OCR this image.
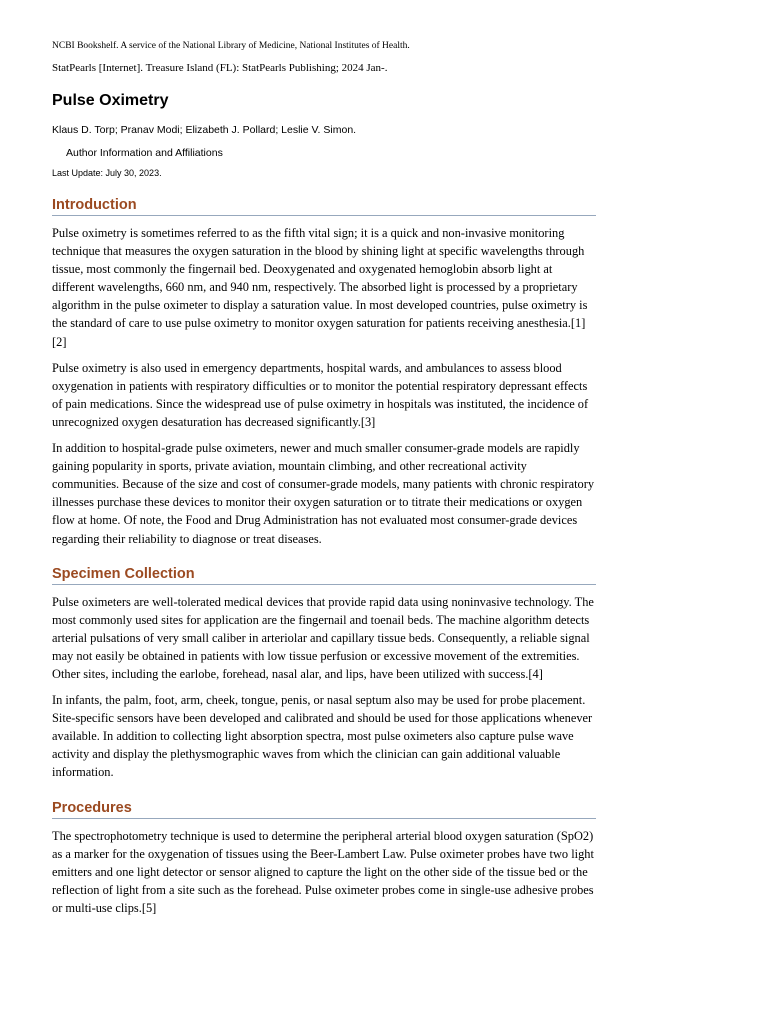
NCBI Bookshelf. A service of the National Library of Medicine, National Institutes of Health.

StatPearls [Internet]. Treasure Island (FL): StatPearls Publishing; 2024 Jan-.

Pulse Oximetry

Klaus D. Torp; Pranav Modi; Elizabeth J. Pollard; Leslie V. Simon.

Author Information and Affiliations

Last Update: July 30, 2023.

Introduction

Pulse oximetry is sometimes referred to as the fifth vital sign; it is a quick and non-invasive monitoring technique that measures the oxygen saturation in the blood by shining light at specific wavelengths through tissue, most commonly the fingernail bed. Deoxygenated and oxygenated hemoglobin absorb light at different wavelengths, 660 nm, and 940 nm, respectively. The absorbed light is processed by a proprietary algorithm in the pulse oximeter to display a saturation value. In most developed countries, pulse oximetry is the standard of care to use pulse oximetry to monitor oxygen saturation for patients receiving anesthesia.[1][2]

Pulse oximetry is also used in emergency departments, hospital wards, and ambulances to assess blood oxygenation in patients with respiratory difficulties or to monitor the potential respiratory depressant effects of pain medications. Since the widespread use of pulse oximetry in hospitals was instituted, the incidence of unrecognized oxygen desaturation has decreased significantly.[3]

In addition to hospital-grade pulse oximeters, newer and much smaller consumer-grade models are rapidly gaining popularity in sports, private aviation, mountain climbing, and other recreational activity communities. Because of the size and cost of consumer-grade models, many patients with chronic respiratory illnesses purchase these devices to monitor their oxygen saturation or to titrate their medications or oxygen flow at home. Of note, the Food and Drug Administration has not evaluated most consumer-grade devices regarding their reliability to diagnose or treat diseases.

Specimen Collection

Pulse oximeters are well-tolerated medical devices that provide rapid data using noninvasive technology. The most commonly used sites for application are the fingernail and toenail beds. The machine algorithm detects arterial pulsations of very small caliber in arteriolar and capillary tissue beds. Consequently, a reliable signal may not easily be obtained in patients with low tissue perfusion or excessive movement of the extremities. Other sites, including the earlobe, forehead, nasal alar, and lips, have been utilized with success.[4]

In infants, the palm, foot, arm, cheek, tongue, penis, or nasal septum also may be used for probe placement. Site-specific sensors have been developed and calibrated and should be used for those applications whenever available. In addition to collecting light absorption spectra, most pulse oximeters also capture pulse wave activity and display the plethysmographic waves from which the clinician can gain additional valuable information.

Procedures

The spectrophotometry technique is used to determine the peripheral arterial blood oxygen saturation (SpO2) as a marker for the oxygenation of tissues using the Beer-Lambert Law. Pulse oximeter probes have two light emitters and one light detector or sensor aligned to capture the light on the other side of the tissue bed or the reflection of light from a site such as the forehead. Pulse oximeter probes come in single-use adhesive probes or multi-use clips.[5]
